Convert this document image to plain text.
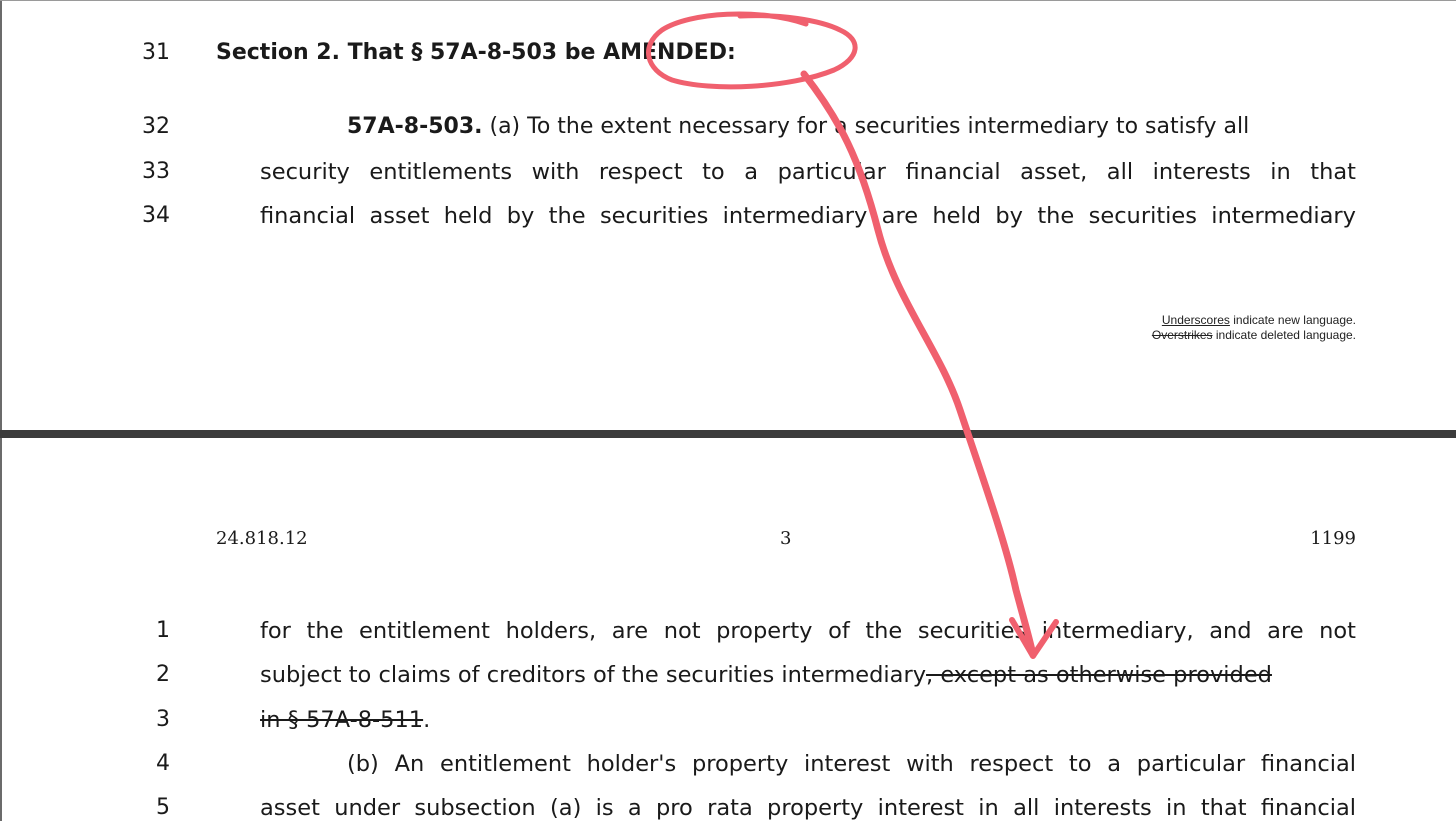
31 Section 2. That § 57A-8-503 be AMENDED:
32	57A-8-503. (a) To the extent necessary for a securities intermediary to satisfy all
33	security entitlements with respect to a particular financial asset, all interests in that
34	financial asset held by the securities intermediary are held by the securities intermediary
Underscores indicate new language.
Overstrikes indicate deleted language.
24.818.12	3	1199
1	for the entitlement holders, are not property of the securities intermediary, and are not
2	subject to claims of creditors of the securities intermediary, except as otherwise provided
3	in § 57A-8-511.
4	(b) An entitlement holder's property interest with respect to a particular financial
5	asset under subsection (a) is a pro rata property interest in all interests in that financial
